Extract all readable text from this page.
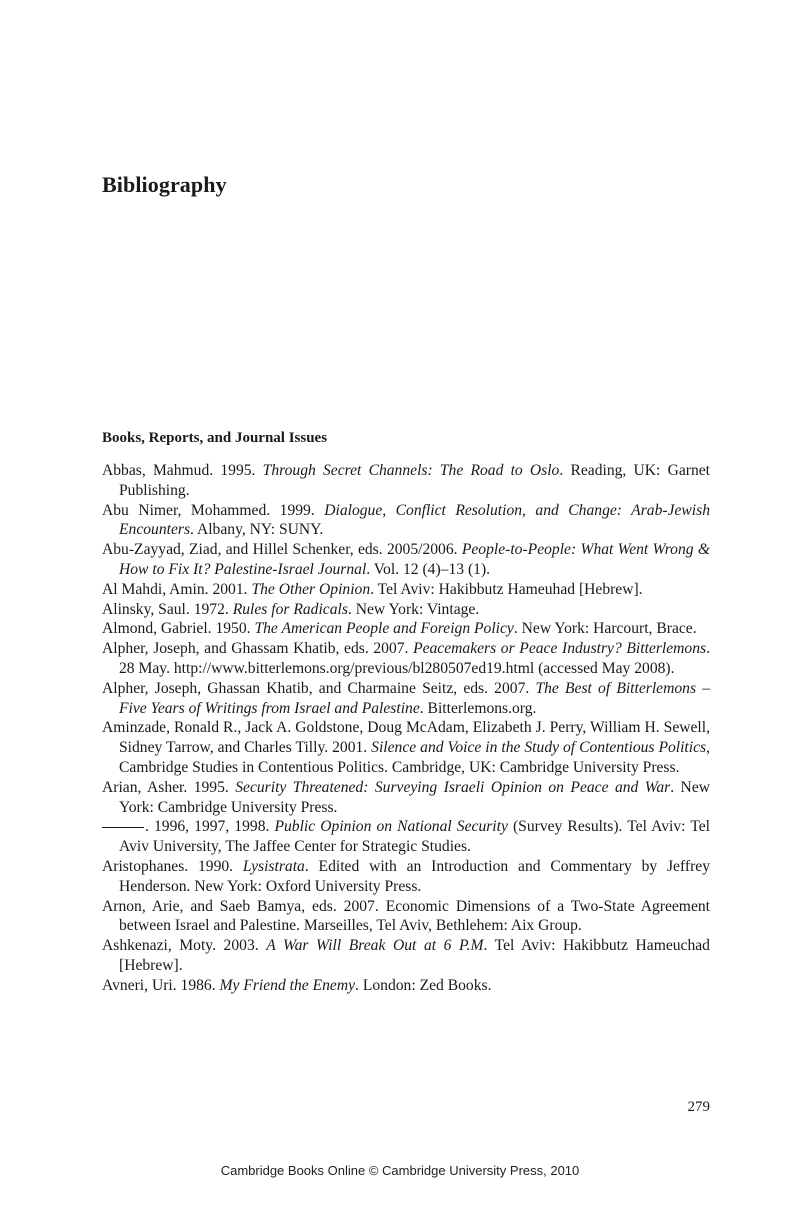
Bibliography
Books, Reports, and Journal Issues
Abbas, Mahmud. 1995. Through Secret Channels: The Road to Oslo. Reading, UK: Garnet Publishing.
Abu Nimer, Mohammed. 1999. Dialogue, Conflict Resolution, and Change: Arab-Jewish Encounters. Albany, NY: SUNY.
Abu-Zayyad, Ziad, and Hillel Schenker, eds. 2005/2006. People-to-People: What Went Wrong & How to Fix It? Palestine-Israel Journal. Vol. 12 (4)–13 (1).
Al Mahdi, Amin. 2001. The Other Opinion. Tel Aviv: Hakibbutz Hameuhad [Hebrew].
Alinsky, Saul. 1972. Rules for Radicals. New York: Vintage.
Almond, Gabriel. 1950. The American People and Foreign Policy. New York: Harcourt, Brace.
Alpher, Joseph, and Ghassam Khatib, eds. 2007. Peacemakers or Peace Industry? Bitterlemons. 28 May. http://www.bitterlemons.org/previous/bl280507ed19.html (accessed May 2008).
Alpher, Joseph, Ghassan Khatib, and Charmaine Seitz, eds. 2007. The Best of Bitterlemons – Five Years of Writings from Israel and Palestine. Bitterlemons.org.
Aminzade, Ronald R., Jack A. Goldstone, Doug McAdam, Elizabeth J. Perry, William H. Sewell, Sidney Tarrow, and Charles Tilly. 2001. Silence and Voice in the Study of Contentious Politics, Cambridge Studies in Contentious Politics. Cambridge, UK: Cambridge University Press.
Arian, Asher. 1995. Security Threatened: Surveying Israeli Opinion on Peace and War. New York: Cambridge University Press.
. 1996, 1997, 1998. Public Opinion on National Security (Survey Results). Tel Aviv: Tel Aviv University, The Jaffee Center for Strategic Studies.
Aristophanes. 1990. Lysistrata. Edited with an Introduction and Commentary by Jeffrey Henderson. New York: Oxford University Press.
Arnon, Arie, and Saeb Bamya, eds. 2007. Economic Dimensions of a Two-State Agreement between Israel and Palestine. Marseilles, Tel Aviv, Bethlehem: Aix Group.
Ashkenazi, Moty. 2003. A War Will Break Out at 6 P.M. Tel Aviv: Hakibbutz Hameuchad [Hebrew].
Avneri, Uri. 1986. My Friend the Enemy. London: Zed Books.
279
Cambridge Books Online © Cambridge University Press, 2010
